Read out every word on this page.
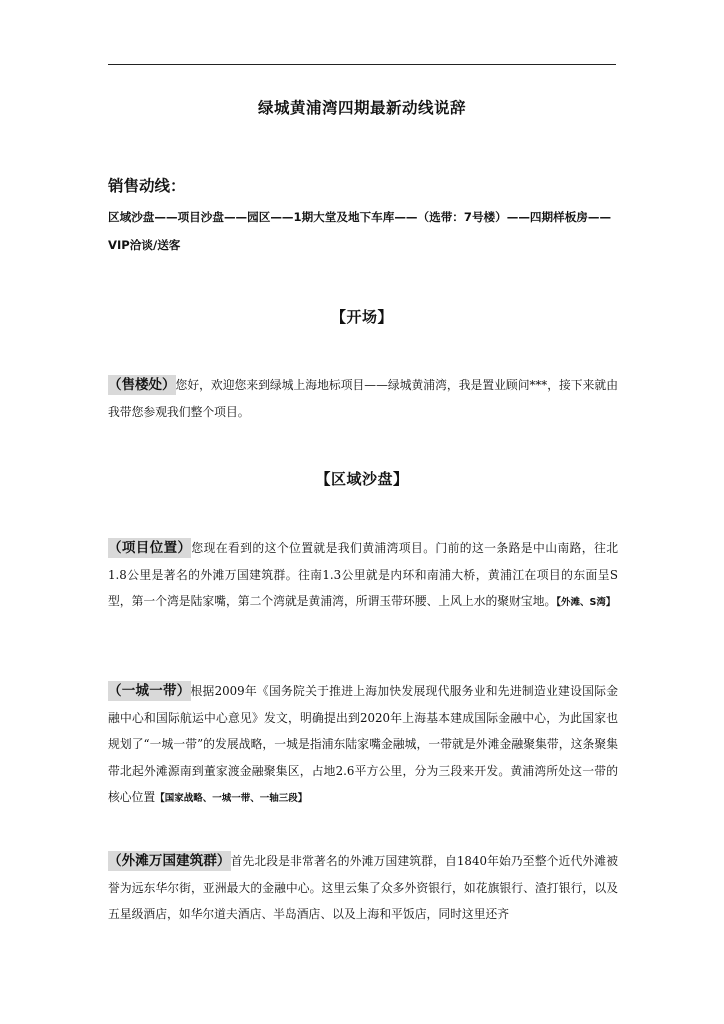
绿城黄浦湾四期最新动线说辞
销售动线：
区域沙盘——项目沙盘——园区——1期大堂及地下车库——（选带：7号楼）——四期样板房——VIP洽谈/送客
【开场】
（售楼处）您好，欢迎您来到绿城上海地标项目——绿城黄浦湾，我是置业顾问***，接下来就由我带您参观我们整个项目。
【区域沙盘】
（项目位置）您现在看到的这个位置就是我们黄浦湾项目。门前的这一条路是中山南路，往北1.8公里是著名的外滩万国建筑群。往南1.3公里就是内环和南浦大桥，黄浦江在项目的东面呈S型，第一个湾是陆家嘴，第二个湾就是黄浦湾，所谓玉带环腰、上风上水的聚财宝地。【外滩、S湾】
（一城一带）根据2009年《国务院关于推进上海加快发展现代服务业和先进制造业建设国际金融中心和国际航运中心意见》发文，明确提出到2020年上海基本建成国际金融中心，为此国家也规划了“一城一带”的发展战略，一城是指浦东陆家嘴金融城，一带就是外滩金融聚集带，这条聚集带北起外滩源南到董家渡金融聚集区，占地2.6平方公里，分为三段来开发。黄浦湾所处这一带的核心位置【国家战略、一城一带、一轴三段】
（外滩万国建筑群）首先北段是非常著名的外滩万国建筑群，自1840年始乃至整个近代外滩被誉为远东华尔街，亚洲最大的金融中心。这里云集了众多外资银行，如花旗银行、渣打银行，以及五星级酒店，如华尔道夫酒店、半岛酒店、以及上海和平饭店，同时这里还齐
